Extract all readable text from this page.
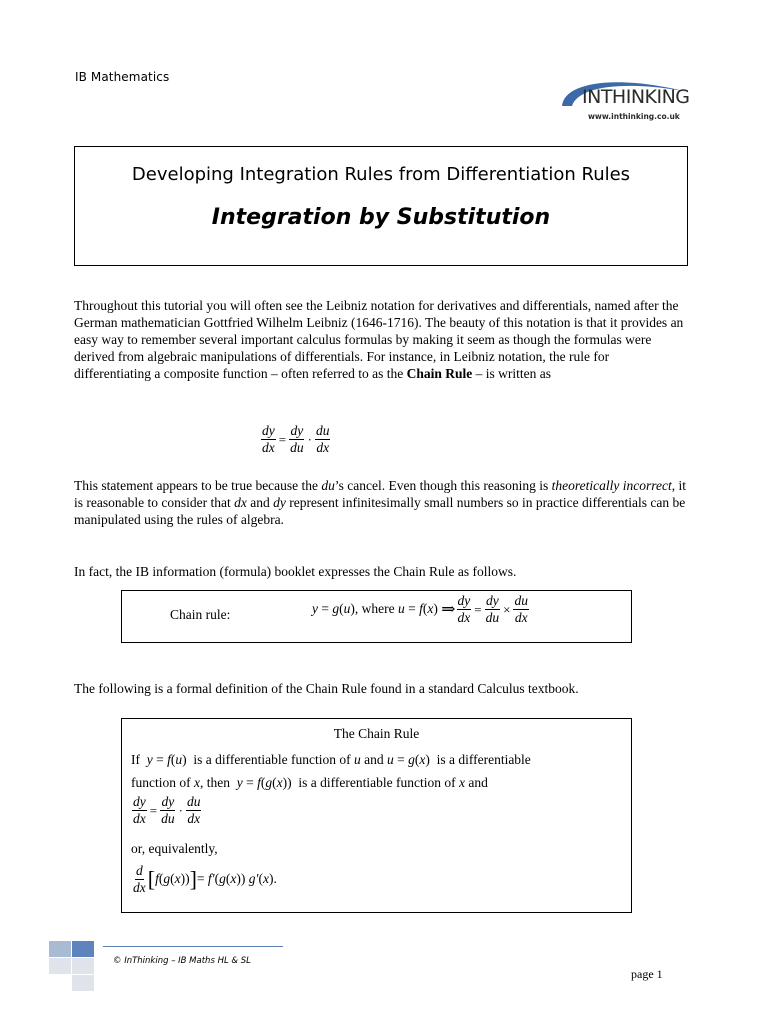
IB Mathematics
INTHINKING
www.inthinking.co.uk
Developing Integration Rules from Differentiation Rules
Integration by Substitution
Throughout this tutorial you will often see the Leibniz notation for derivatives and differentials, named after the German mathematician Gottfried Wilhelm Leibniz (1646-1716). The beauty of this notation is that it provides an easy way to remember several important calculus formulas by making it seem as though the formulas were derived from algebraic manipulations of differentials. For instance, in Leibniz notation, the rule for differentiating a composite function – often referred to as the Chain Rule – is written as
$\frac{dy}{dx} = \frac{dy}{du} \cdot \frac{du}{dx}$
This statement appears to be true because the du’s cancel. Even though this reasoning is theoretically incorrect, it is reasonable to consider that dx and dy represent infinitesimally small numbers so in practice differentials can be manipulated using the rules of algebra.
In fact, the IB information (formula) booklet expresses the Chain Rule as follows.
Chain rule:	y = g(u), where u = f(x) ⇒ $\frac{dy}{dx} = \frac{dy}{du} \times \frac{du}{dx}$
The following is a formal definition of the Chain Rule found in a standard Calculus textbook.
The Chain Rule
If y = f(u) is a differentiable function of u and u = g(x) is a differentiable
function of x, then y = f(g(x)) is a differentiable function of x and
$\frac{dy}{dx} = \frac{dy}{du} \cdot \frac{du}{dx}$
or, equivalently,
$\frac{d}{dx} [f(g(x))]= f'(g(x))$ g′(x).
© InThinking – IB Maths HL & SL
page 1
